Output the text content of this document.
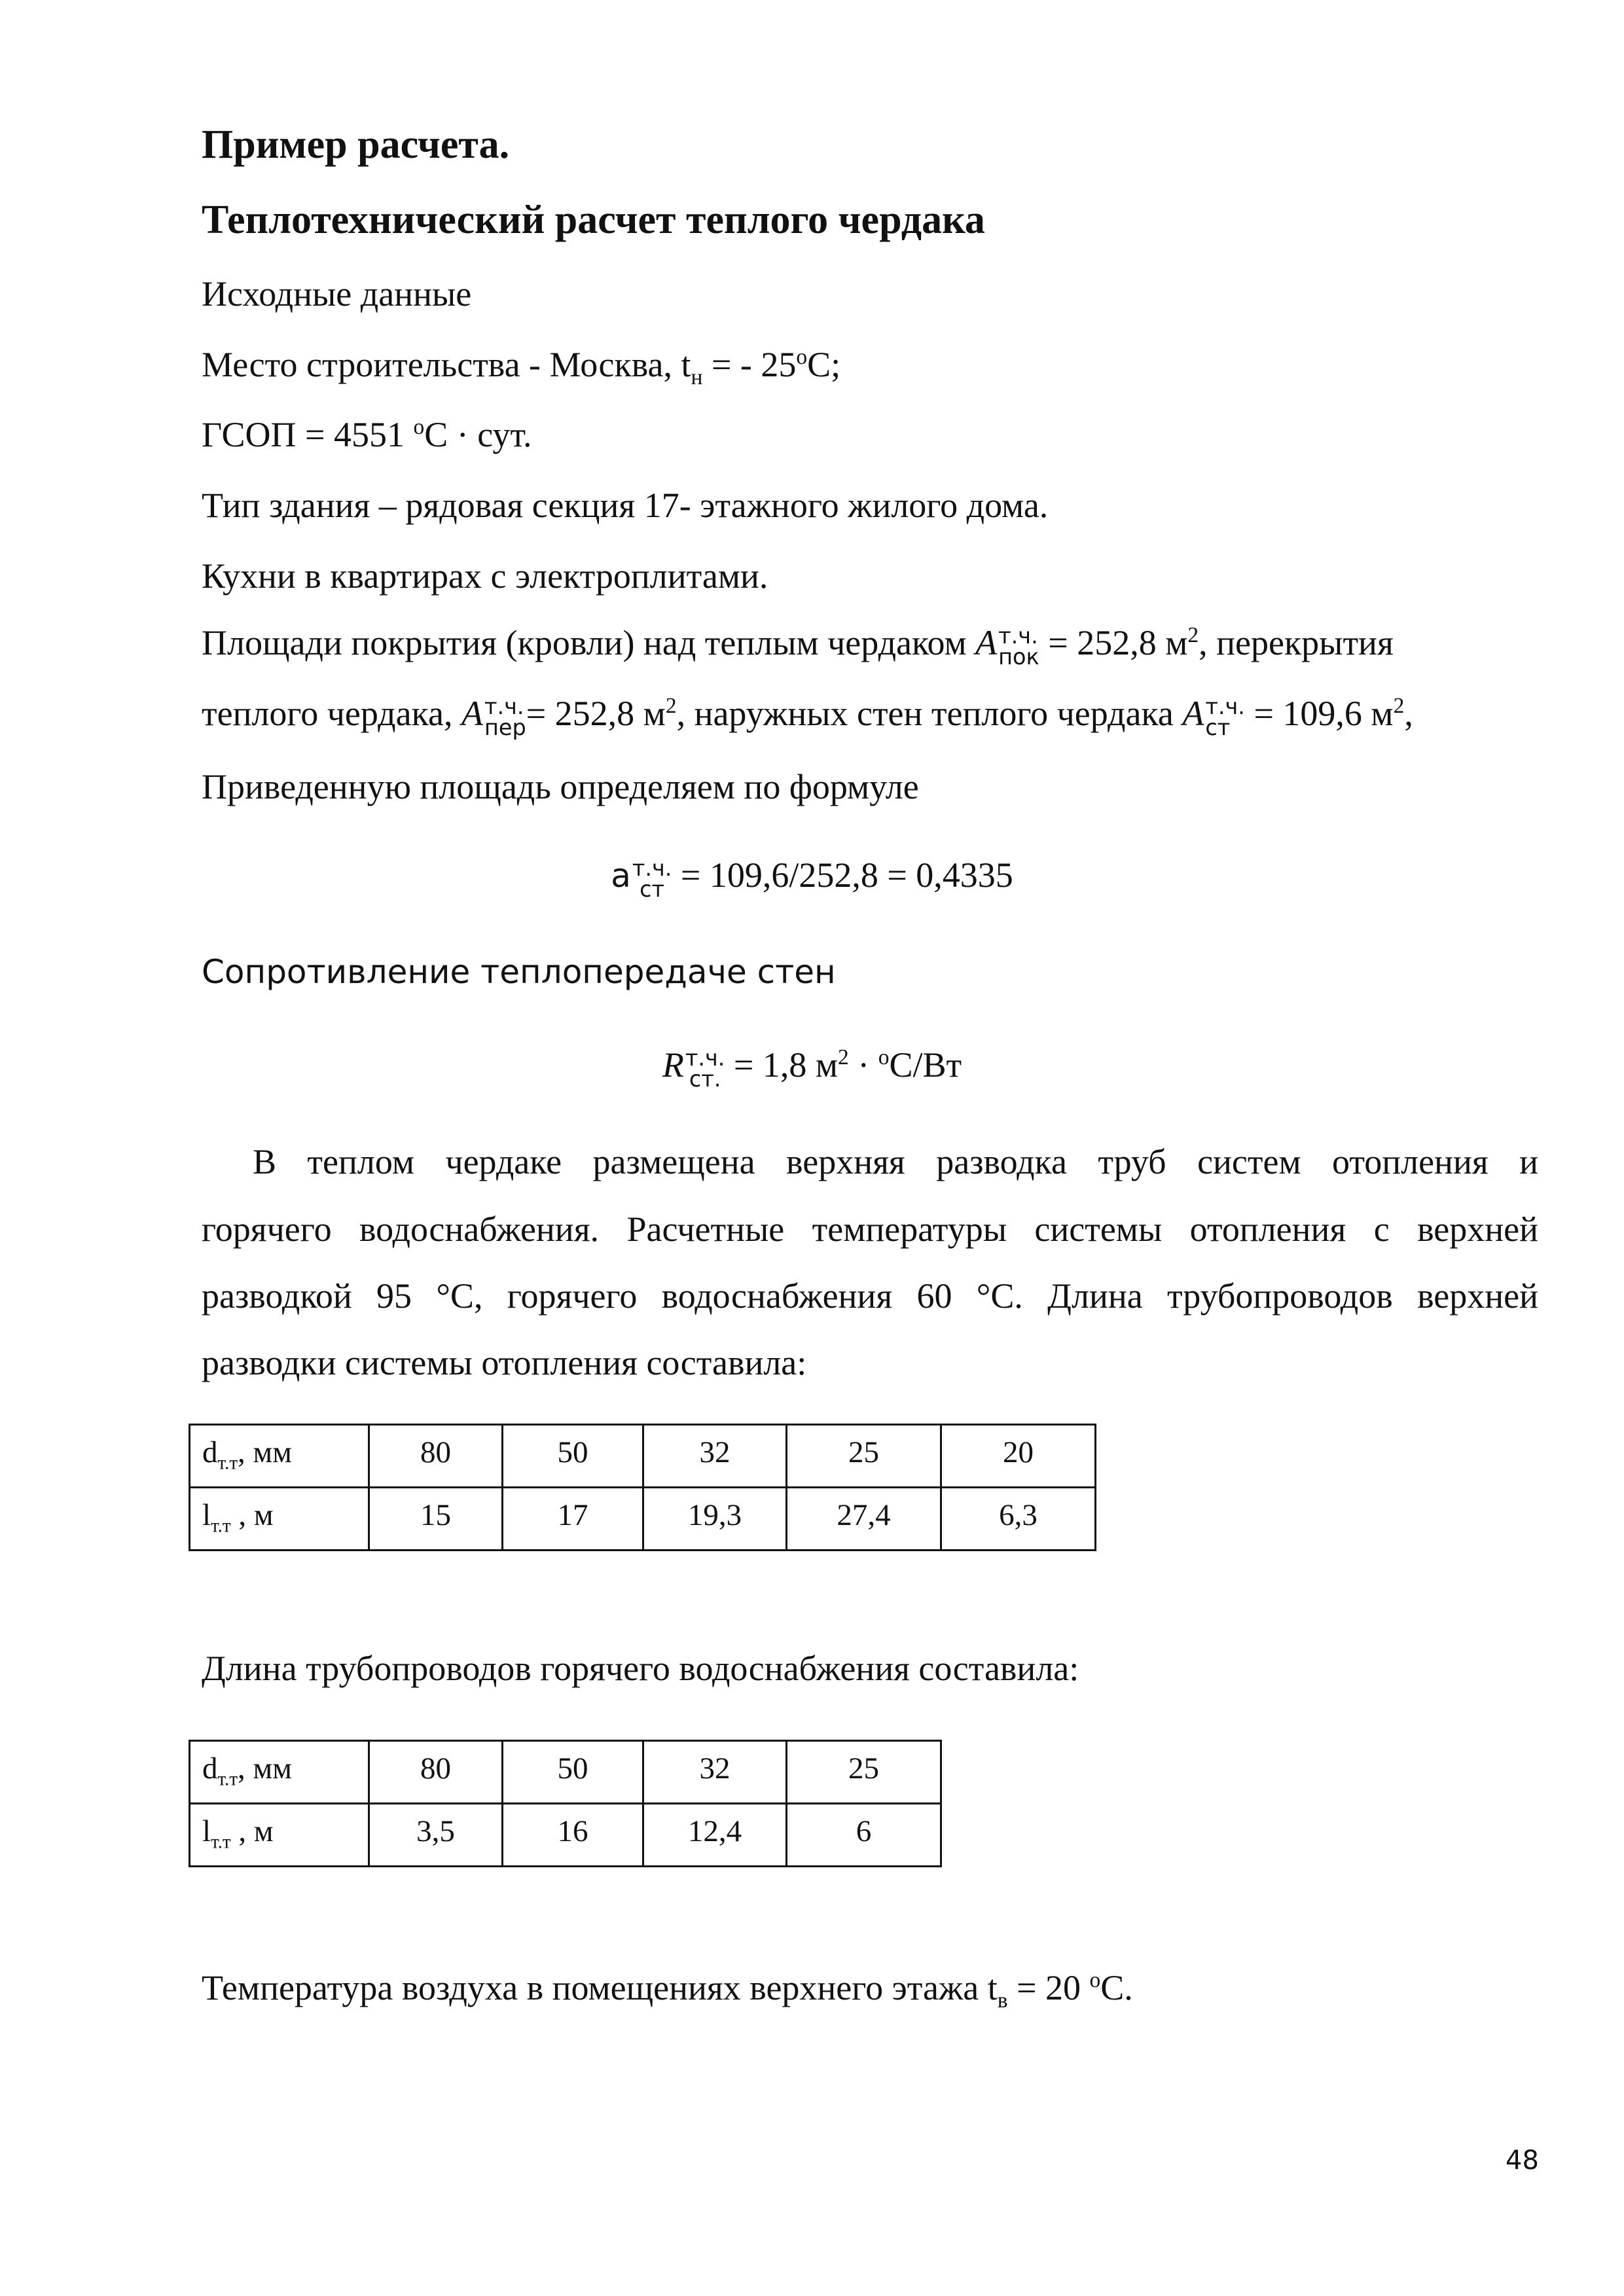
Пример расчета.
Теплотехнический расчет теплого чердака
Исходные данные
Место строительства - Москва, $t_н$ = - 25$^o$С;
ГСОП = 4551 $^o$С · сут.
Тип здания – рядовая секция 17- этажного жилого дома.
Кухни в квартирах с электроплитами.
Площади покрытия (кровли) над теплым чердаком A т.ч.
пок = 252,8 $м^2$, перекрытия
теплого чердака, A т.ч.
пер = 252,8 $м^2$, наружных стен теплого чердака A т.ч.
ст = 109,6 $м^2$,
Приведенную площадь определяем по формуле
a т.ч.
ст = 109,6/252,8 = 0,4335
Сопротивление теплопередаче стен
R т.ч.
ст. = 1,8 $м^2 \cdot ^oС/Вт$
В теплом чердаке размещена верхняя разводка труб систем отопления и
горячего водоснабжения. Расчетные температуры системы отопления с верхней
разводкой 95 °С, горячего водоснабжения 60 °С. Длина трубопроводов верхней
разводки системы отопления составила:
$d_{т.т}$, мм	80	50	32	25	20
$l_{т.т}$ , м	15	17	19,3	27,4	6,3
Длина трубопроводов горячего водоснабжения составила:
$d_{т.т}$, мм	80	50	32	25
$l_{т.т}$ , м	3,5	16	12,4	6
Температура воздуха в помещениях верхнего этажа $t_в = 20$ $^o$С.
48
